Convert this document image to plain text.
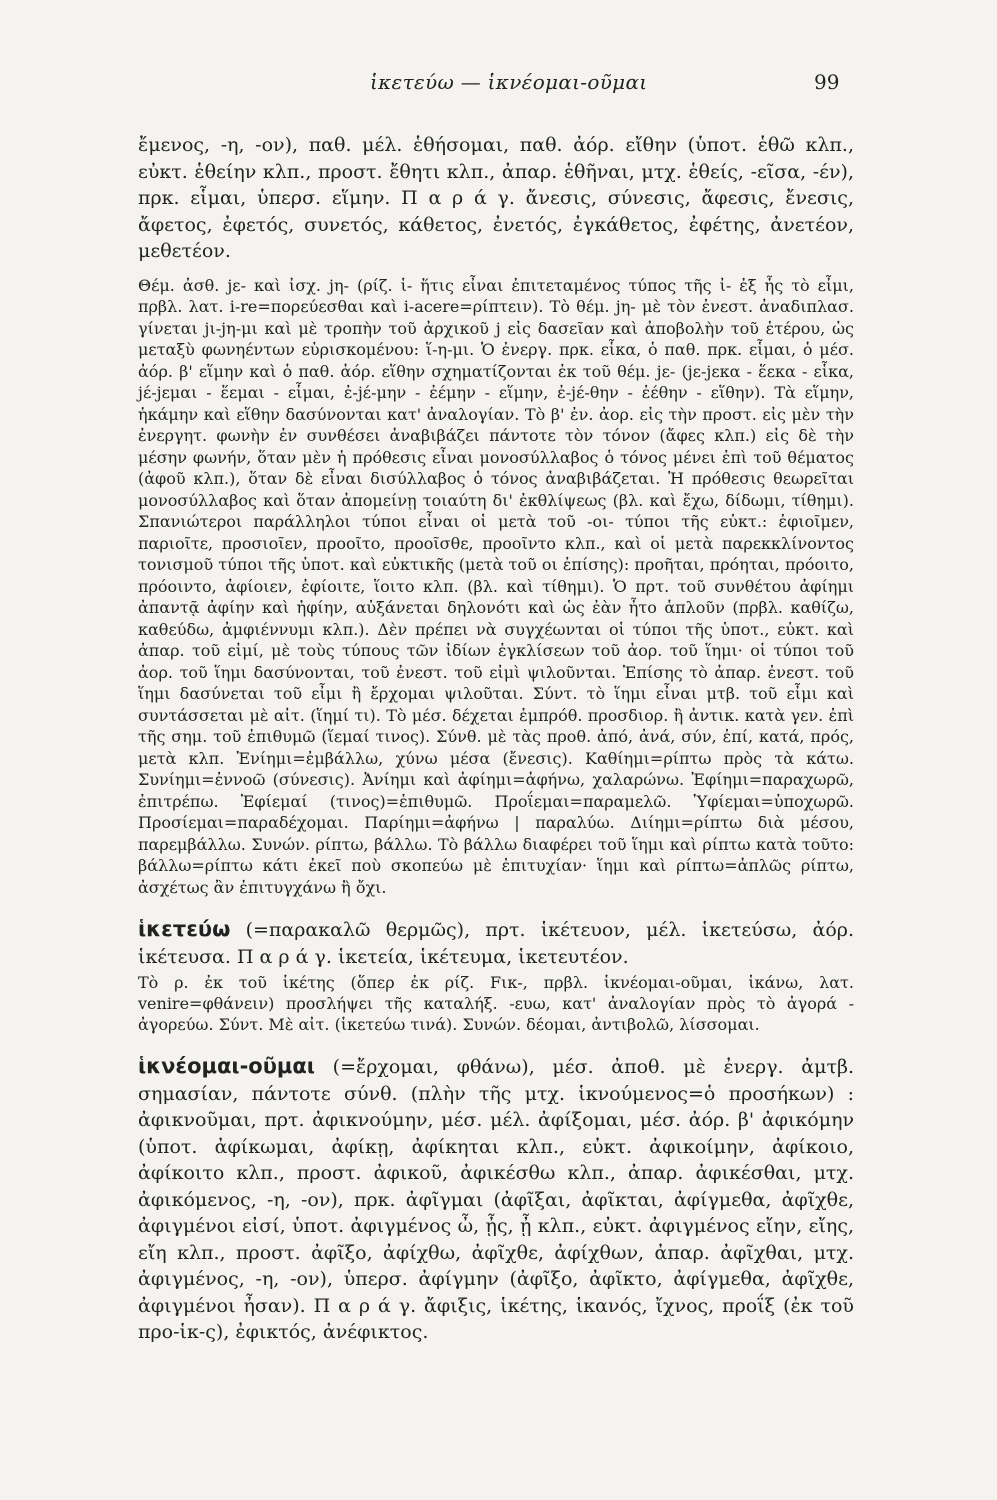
ἱκετεύω — ἱκνέομαι-οῦμαι	99

ἔμενος, -η, -ον), παθ. μέλ. ἑθήσομαι, παθ. ἀόρ. εἴθην (ὑποτ. ἑθῶ κλπ., εὐκτ. ἑθείην κλπ., προστ. ἔθητι κλπ., ἀπαρ. ἑθῆναι, μτχ. ἑθείς, -εῖσα, -έν), πρκ. εἷμαι, ὑπερσ. εἵμην. Π α ρ ά γ. ἄνεσις, σύνεσις, ἄφεσις, ἔνεσις, ἄφετος, ἐφετός, συνετός, κάθετος, ἐνετός, ἐγκάθετος, ἐφέτης, ἀνετέον, μεθετέον.

Θέμ. ἀσθ. jε- καὶ ἰσχ. jη- (ρίζ. ἱ- ἥτις εἶναι ἐπιτεταμένος τύπος τῆς ἰ- ἐξ ἧς τὸ εἶμι, πρβλ. λατ. i-re=πορεύεσθαι καὶ i-acere=ρίπτειν). Τὸ θέμ. jη- μὲ τὸν ἐνεστ. ἀναδιπλασ. γίνεται jι-jη-μι καὶ μὲ τροπὴν τοῦ ἀρχικοῦ j εἰς δασεῖαν καὶ ἀποβολὴν τοῦ ἑτέρου, ὡς μεταξὺ φωνηέντων εὑρισκομένου: ἵ-η-μι. Ὁ ἐνεργ. πρκ. εἷκα, ὁ παθ. πρκ. εἷμαι, ὁ μέσ. ἀόρ. β' εἵμην καὶ ὁ παθ. ἀόρ. εἵθην σχηματίζονται ἐκ τοῦ θέμ. jε- (jε-jεκα - ἕεκα - εἷκα, jέ-jεμαι - ἕεμαι - εἷμαι, ἐ-jέ-μην - ἐέμην - εἵμην, ἐ-jέ-θην - ἐέθην - εἵθην). Τὰ εἵμην, ἡκάμην καὶ εἵθην δασύνονται κατ' ἀναλογίαν. Τὸ β' ἐν. ἀορ. εἰς τὴν προστ. εἰς μὲν τὴν ἐνεργητ. φωνὴν ἐν συνθέσει ἀναβιβάζει πάντοτε τὸν τόνον (ἄφες κλπ.) εἰς δὲ τὴν μέσην φωνήν, ὅταν μὲν ἡ πρόθεσις εἶναι μονοσύλλαβος ὁ τόνος μένει ἐπὶ τοῦ θέματος (ἀφοῦ κλπ.), ὅταν δὲ εἶναι δισύλλαβος ὁ τόνος ἀναβιβάζεται. Ἡ πρόθεσις θεωρεῖται μονοσύλλαβος καὶ ὅταν ἀπομείνῃ τοιαύτη δι' ἐκθλίψεως (βλ. καὶ ἔχω, δίδωμι, τίθημι). Σπανιώτεροι παράλληλοι τύποι εἶναι οἱ μετὰ τοῦ -οι- τύποι τῆς εὐκτ.: ἐφιοῖμεν, παριοῖτε, προσιοῖεν, προοῖτο, προοῖσθε, προοῖντο κλπ., καὶ οἱ μετὰ παρεκκλίνοντος τονισμοῦ τύποι τῆς ὑποτ. καὶ εὐκτικῆς (μετὰ τοῦ οι ἐπίσης): προῆται, πρόηται, πρόοιτο, πρόοιντο, ἀφίοιεν, ἐφίοιτε, ἵοιτο κλπ. (βλ. καὶ τίθημι). Ὁ πρτ. τοῦ συνθέτου ἀφίημι ἀπαντᾷ ἀφίην καὶ ἠφίην, αὐξάνεται δηλονότι καὶ ὡς ἐὰν ἦτο ἁπλοῦν (πρβλ. καθίζω, καθεύδω, ἀμφιέννυμι κλπ.). Δὲν πρέπει νὰ συγχέωνται οἱ τύποι τῆς ὑποτ., εὐκτ. καὶ ἀπαρ. τοῦ εἰμί, μὲ τοὺς τύπους τῶν ἰδίων ἐγκλίσεων τοῦ ἀορ. τοῦ ἵημι· οἱ τύποι τοῦ ἀορ. τοῦ ἵημι δασύνονται, τοῦ ἐνεστ. τοῦ εἰμὶ ψιλοῦνται. Ἐπίσης τὸ ἀπαρ. ἐνεστ. τοῦ ἵημι δασύνεται τοῦ εἶμι ἢ ἔρχομαι ψιλοῦται. Σύντ. τὸ ἵημι εἶναι μτβ. τοῦ εἶμι καὶ συντάσσεται μὲ αἰτ. (ἵημί τι). Τὸ μέσ. δέχεται ἐμπρόθ. προσδιορ. ἢ ἀντικ. κατὰ γεν. ἐπὶ τῆς σημ. τοῦ ἐπιθυμῶ (ἵεμαί τινος). Σύνθ. μὲ τὰς προθ. ἀπό, ἀνά, σύν, ἐπί, κατά, πρός, μετὰ κλπ. Ἐνίημι=ἐμβάλλω, χύνω μέσα (ἔνεσις). Καθίημι=ρίπτω πρὸς τὰ κάτω. Συνίημι=ἐννοῶ (σύνεσις). Ἀνίημι καὶ ἀφίημι=ἀφήνω, χαλαρώνω. Ἐφίημι=παραχωρῶ, ἐπιτρέπω. Ἐφίεμαί (τινος)=ἐπιθυμῶ. Προΐεμαι=παραμελῶ. Ὑφίεμαι=ὑποχωρῶ. Προσίεμαι=παραδέχομαι. Παρίημι=ἀφήνω | παραλύω. Διίημι=ρίπτω διὰ μέσου, παρεμβάλλω. Συνών. ρίπτω, βάλλω. Τὸ βάλλω διαφέρει τοῦ ἵημι καὶ ρίπτω κατὰ τοῦτο: βάλλω=ρίπτω κάτι ἐκεῖ ποὺ σκοπεύω μὲ ἐπιτυχίαν· ἵημι καὶ ρίπτω=ἁπλῶς ρίπτω, ἀσχέτως ἂν ἐπιτυγχάνω ἢ ὄχι.

ἱκετεύω (=παρακαλῶ θερμῶς), πρτ. ἱκέτευον, μέλ. ἱκετεύσω, ἀόρ. ἱκέτευσα. Π α ρ ά γ. ἱκετεία, ἱκέτευμα, ἱκετευτέον.

Τὸ ρ. ἐκ τοῦ ἱκέτης (ὅπερ ἐκ ρίζ. Fικ-, πρβλ. ἱκνέομαι-οῦμαι, ἱκάνω, λατ. venire=φθάνειν) προσλήψει τῆς καταλήξ. -ευω, κατ' ἀναλογίαν πρὸς τὸ ἀγορά - ἀγορεύω. Σύντ. Μὲ αἰτ. (ἱκετεύω τινά). Συνών. δέομαι, ἀντιβολῶ, λίσσομαι.

ἱκνέομαι-οῦμαι (=ἔρχομαι, φθάνω), μέσ. ἀποθ. μὲ ἐνεργ. ἀμτβ. σημασίαν, πάντοτε σύνθ. (πλὴν τῆς μτχ. ἱκνούμενος=ὁ προσήκων) : ἀφικνοῦμαι, πρτ. ἀφικνούμην, μέσ. μέλ. ἀφίξομαι, μέσ. ἀόρ. β' ἀφικόμην (ὑποτ. ἀφίκωμαι, ἀφίκῃ, ἀφίκηται κλπ., εὐκτ. ἀφικοίμην, ἀφίκοιο, ἀφίκοιτο κλπ., προστ. ἀφικοῦ, ἀφικέσθω κλπ., ἀπαρ. ἀφικέσθαι, μτχ. ἀφικόμενος, -η, -ον), πρκ. ἀφῖγμαι (ἀφῖξαι, ἀφῖκται, ἀφίγμεθα, ἀφῖχθε, ἀφιγμένοι εἰσί, ὑποτ. ἀφιγμένος ὦ, ᾖς, ᾖ κλπ., εὐκτ. ἀφιγμένος εἴην, εἴης, εἴη κλπ., προστ. ἀφῖξο, ἀφίχθω, ἀφῖχθε, ἀφίχθων, ἀπαρ. ἀφῖχθαι, μτχ. ἀφιγμένος, -η, -ον), ὑπερσ. ἀφίγμην (ἀφῖξο, ἀφῖκτο, ἀφίγμεθα, ἀφῖχθε, ἀφιγμένοι ἦσαν). Π α ρ ά γ. ἄφιξις, ἱκέτης, ἱκανός, ἴχνος, προΐξ (ἐκ τοῦ προ-ἱκ-ς), ἐφικτός, ἀνέφικτος.
